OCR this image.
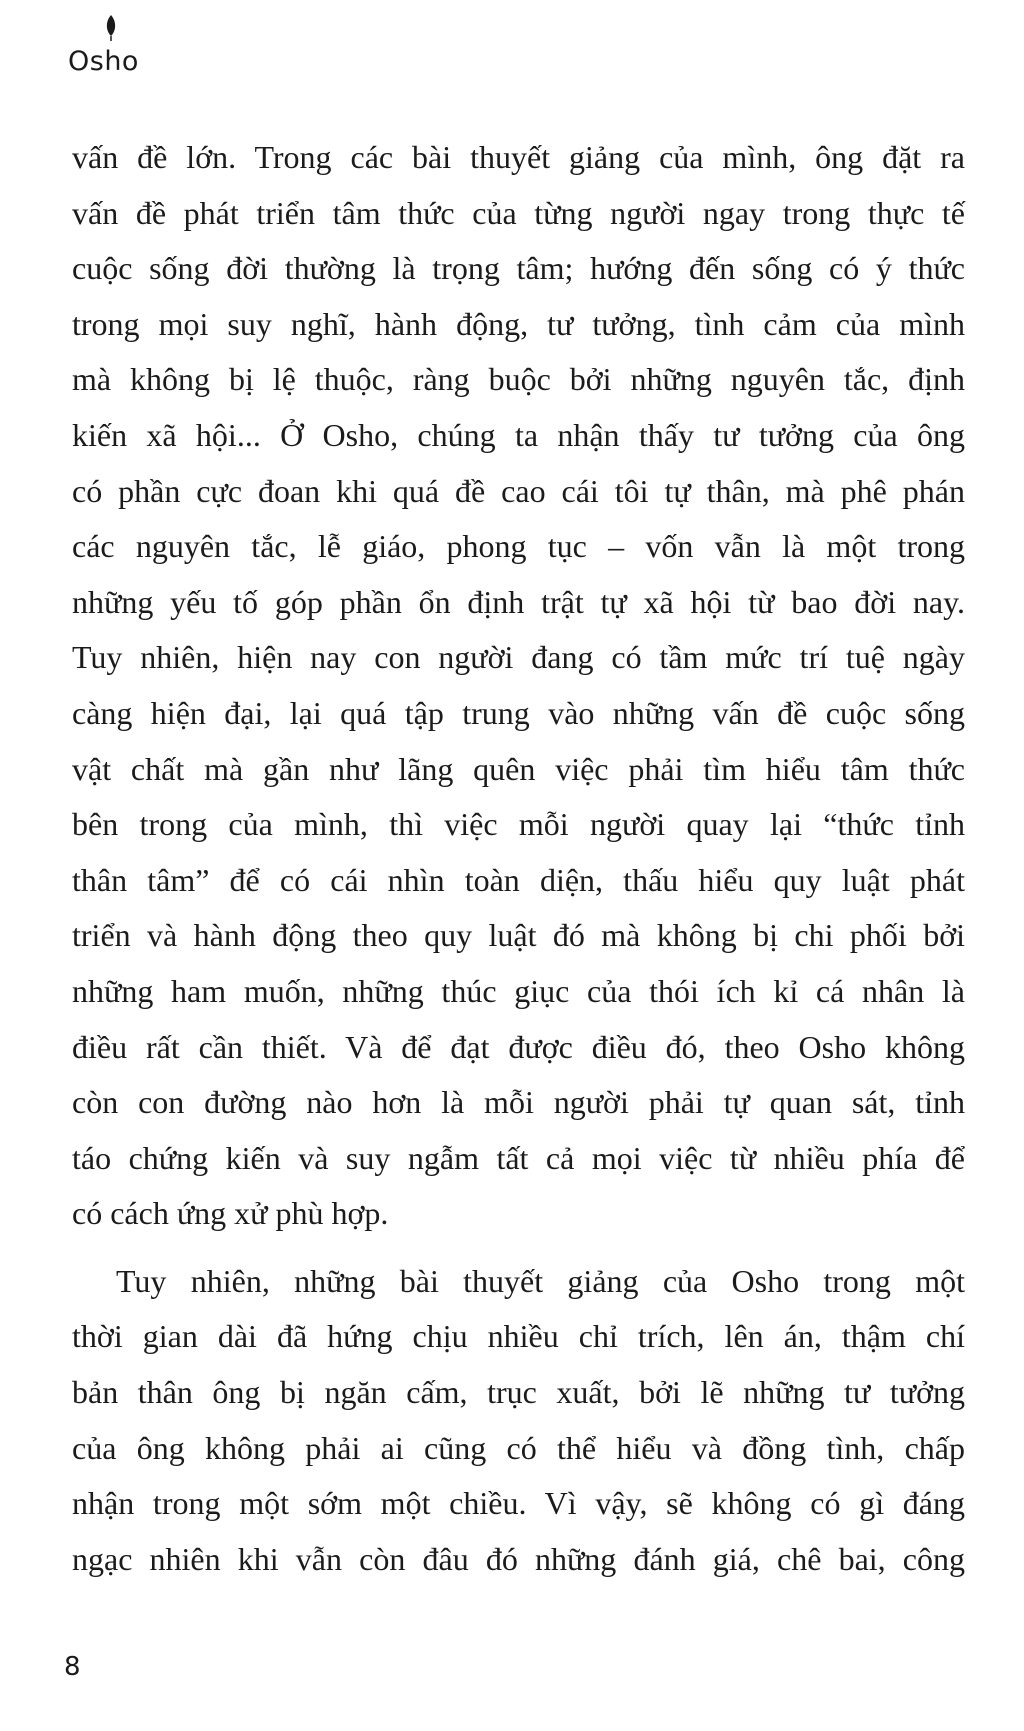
Osho

vấn đề lớn. Trong các bài thuyết giảng của mình, ông đặt ra
vấn đề phát triển tâm thức của từng người ngay trong thực tế
cuộc sống đời thường là trọng tâm; hướng đến sống có ý thức
trong mọi suy nghĩ, hành động, tư tưởng, tình cảm của mình
mà không bị lệ thuộc, ràng buộc bởi những nguyên tắc, định
kiến xã hội... Ở Osho, chúng ta nhận thấy tư tưởng của ông
có phần cực đoan khi quá đề cao cái tôi tự thân, mà phê phán
các nguyên tắc, lễ giáo, phong tục – vốn vẫn là một trong
những yếu tố góp phần ổn định trật tự xã hội từ bao đời nay.
Tuy nhiên, hiện nay con người đang có tầm mức trí tuệ ngày
càng hiện đại, lại quá tập trung vào những vấn đề cuộc sống
vật chất mà gần như lãng quên việc phải tìm hiểu tâm thức
bên trong của mình, thì việc mỗi người quay lại “thức tỉnh
thân tâm” để có cái nhìn toàn diện, thấu hiểu quy luật phát
triển và hành động theo quy luật đó mà không bị chi phối bởi
những ham muốn, những thúc giục của thói ích kỉ cá nhân là
điều rất cần thiết. Và để đạt được điều đó, theo Osho không
còn con đường nào hơn là mỗi người phải tự quan sát, tỉnh
táo chứng kiến và suy ngẫm tất cả mọi việc từ nhiều phía để
có cách ứng xử phù hợp.

Tuy nhiên, những bài thuyết giảng của Osho trong một
thời gian dài đã hứng chịu nhiều chỉ trích, lên án, thậm chí
bản thân ông bị ngăn cấm, trục xuất, bởi lẽ những tư tưởng
của ông không phải ai cũng có thể hiểu và đồng tình, chấp
nhận trong một sớm một chiều. Vì vậy, sẽ không có gì đáng
ngạc nhiên khi vẫn còn đâu đó những đánh giá, chê bai, công

8
